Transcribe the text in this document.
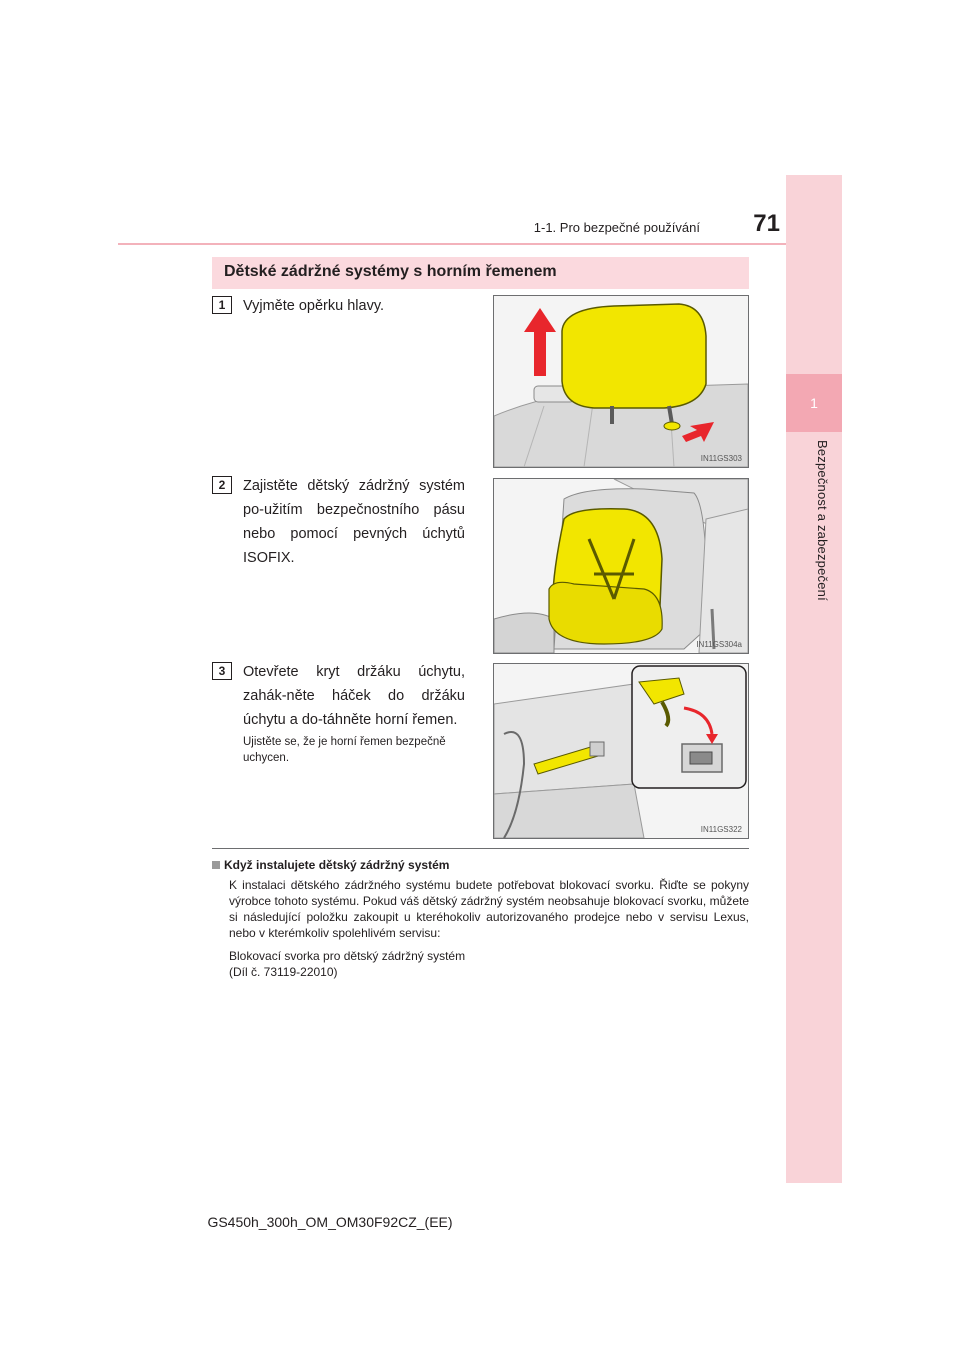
1
Bezpečnost a zabezpečení
1-1. Pro bezpečné používání	71
Dětské zádržné systémy s horním řemenem
1	Vyjměte opěrku hlavy.
IN11GS303
2	Zajistěte dětský zádržný systém po-užitím bezpečnostního pásu nebo pomocí pevných úchytů ISOFIX.
IN11GS304a
3	Otevřete kryt držáku úchytu, zahák-něte háček do držáku úchytu a do-táhněte horní řemen.
Ujistěte se, že je horní řemen bezpečně uchycen.
IN11GS322
Když instalujete dětský zádržný systém
K instalaci dětského zádržného systému budete potřebovat blokovací svorku. Řiďte se pokyny výrobce tohoto systému. Pokud váš dětský zádržný systém neobsahuje blokovací svorku, můžete si následující položku zakoupit u kteréhokoliv autorizovaného prodejce nebo v servisu Lexus, nebo v kterémkoliv spolehlivém servisu:
Blokovací svorka pro dětský zádržný systém
(Díl č. 73119-22010)
GS450h_300h_OM_OM30F92CZ_(EE)
